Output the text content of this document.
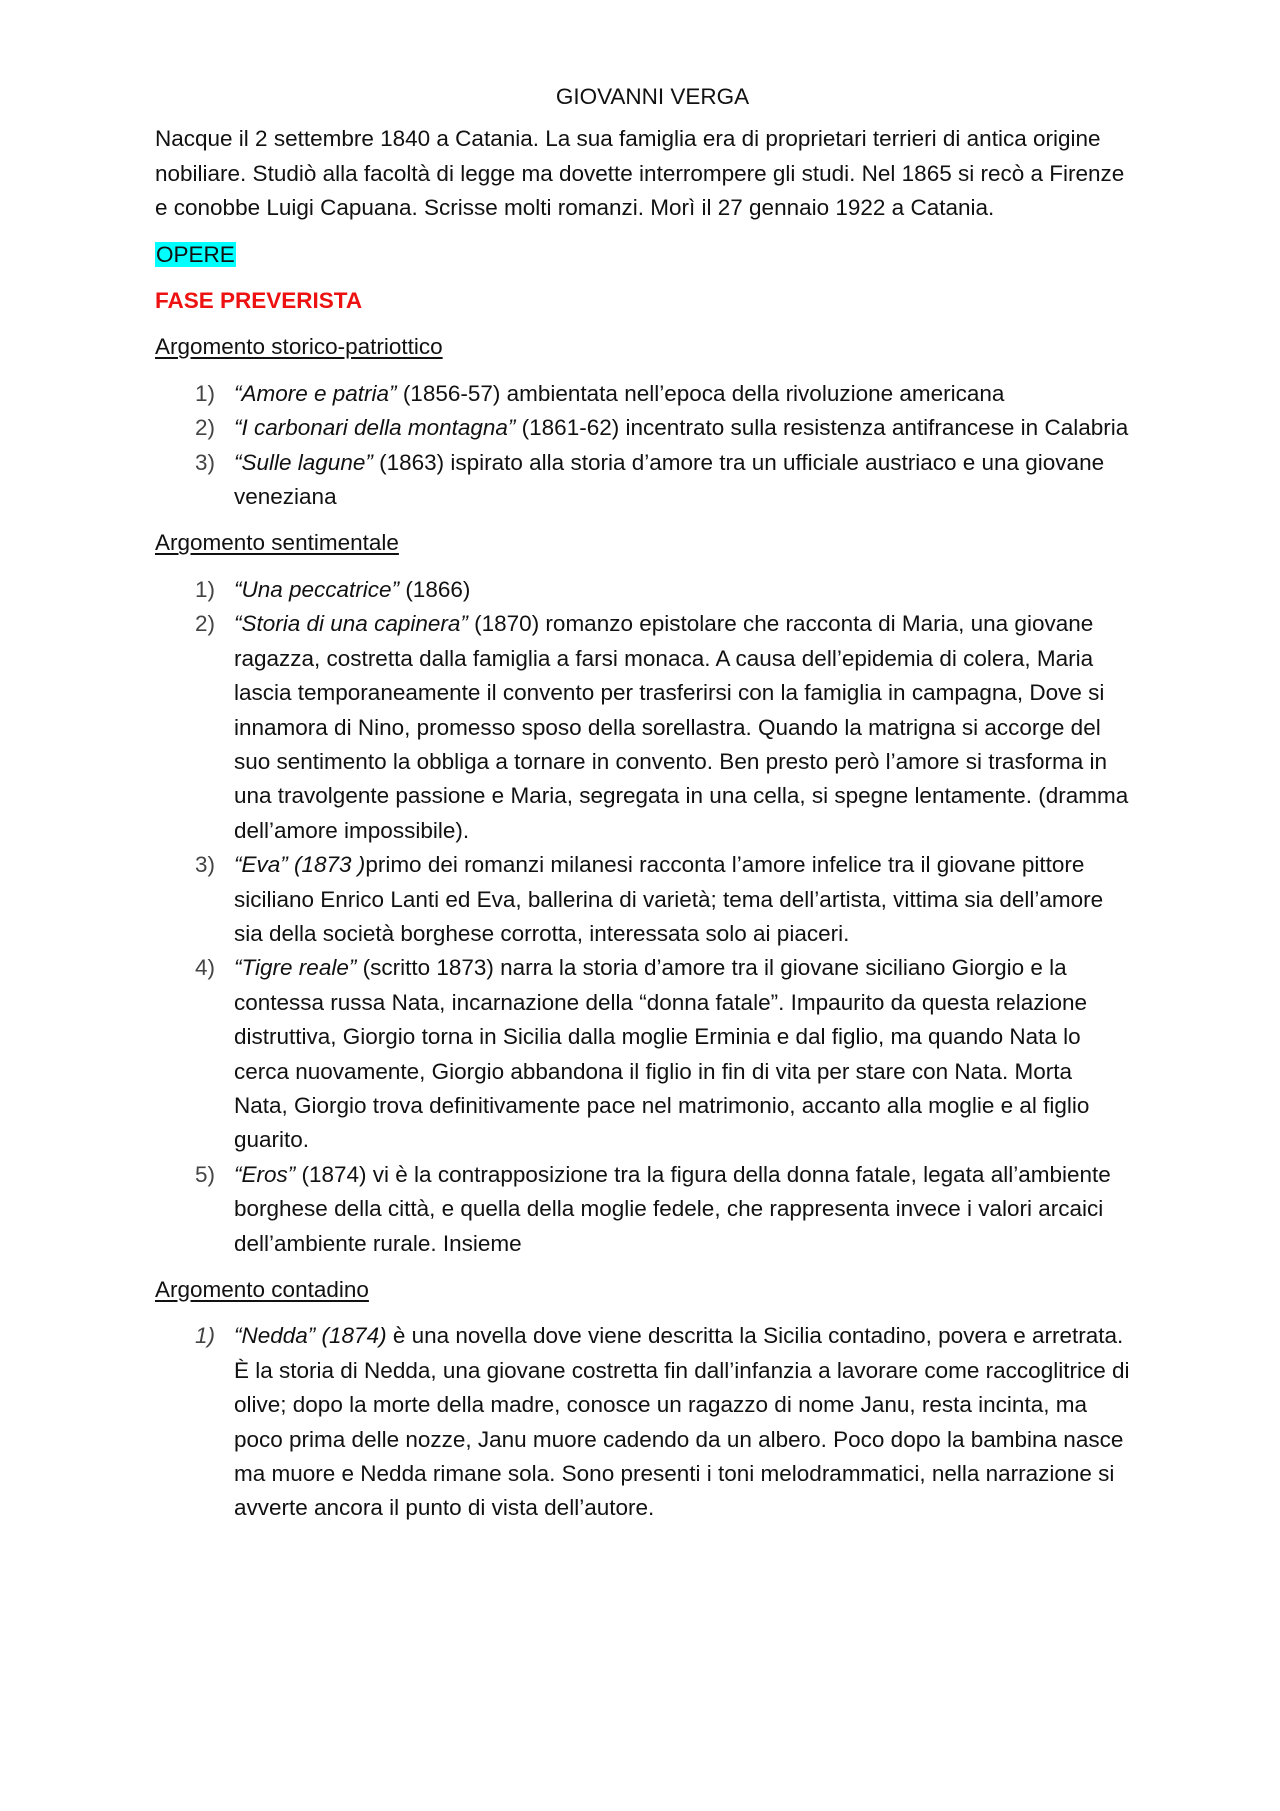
GIOVANNI VERGA

Nacque il 2 settembre 1840 a Catania. La sua famiglia era di proprietari terrieri di antica origine nobiliare. Studiò alla facoltà di legge ma dovette interrompere gli studi. Nel 1865 si recò a Firenze e conobbe Luigi Capuana. Scrisse molti romanzi. Morì il 27 gennaio 1922 a Catania.

OPERE
FASE PREVERISTA
Argomento storico-patriottico
1) “Amore e patria” (1856-57) ambientata nell’epoca della rivoluzione americana
2) “I carbonari della montagna” (1861-62) incentrato sulla resistenza antifrancese in Calabria
3) “Sulle lagune” (1863) ispirato alla storia d’amore tra un ufficiale austriaco e una giovane veneziana
Argomento sentimentale
1) “Una peccatrice” (1866)
2) “Storia di una capinera” (1870) romanzo epistolare che racconta di Maria, una giovane ragazza, costretta dalla famiglia a farsi monaca. A causa dell’epidemia di colera, Maria lascia temporaneamente il convento per trasferirsi con la famiglia in campagna, Dove si innamora di Nino, promesso sposo della sorellastra. Quando la matrigna si accorge del suo sentimento la obbliga a tornare in convento. Ben presto però l’amore si trasforma in una travolgente passione e Maria, segregata in una cella, si spegne lentamente. (dramma dell’amore impossibile).
3) “Eva” (1873 )primo dei romanzi milanesi racconta l’amore infelice tra il giovane pittore siciliano Enrico Lanti ed Eva, ballerina di varietà; tema dell’artista, vittima sia dell’amore sia della società borghese corrotta, interessata solo ai piaceri.
4) “Tigre reale” (scritto 1873) narra la storia d’amore tra il giovane siciliano Giorgio e la contessa russa Nata, incarnazione della “donna fatale”. Impaurito da questa relazione distruttiva, Giorgio torna in Sicilia dalla moglie Erminia e dal figlio, ma quando Nata lo cerca nuovamente, Giorgio abbandona il figlio in fin di vita per stare con Nata. Morta Nata, Giorgio trova definitivamente pace nel matrimonio, accanto alla moglie e al figlio guarito.
5) “Eros” (1874) vi è la contrapposizione tra la figura della donna fatale, legata all’ambiente borghese della città, e quella della moglie fedele, che rappresenta invece i valori arcaici dell’ambiente rurale. Insieme
Argomento contadino
1) “Nedda” (1874) è una novella dove viene descritta la Sicilia contadino, povera e arretrata. È la storia di Nedda, una giovane costretta fin dall’infanzia a lavorare come raccoglitrice di olive; dopo la morte della madre, conosce un ragazzo di nome Janu, resta incinta, ma poco prima delle nozze, Janu muore cadendo da un albero. Poco dopo la bambina nasce ma muore e Nedda rimane sola. Sono presenti i toni melodrammatici, nella narrazione si avverte ancora il punto di vista dell’autore.
